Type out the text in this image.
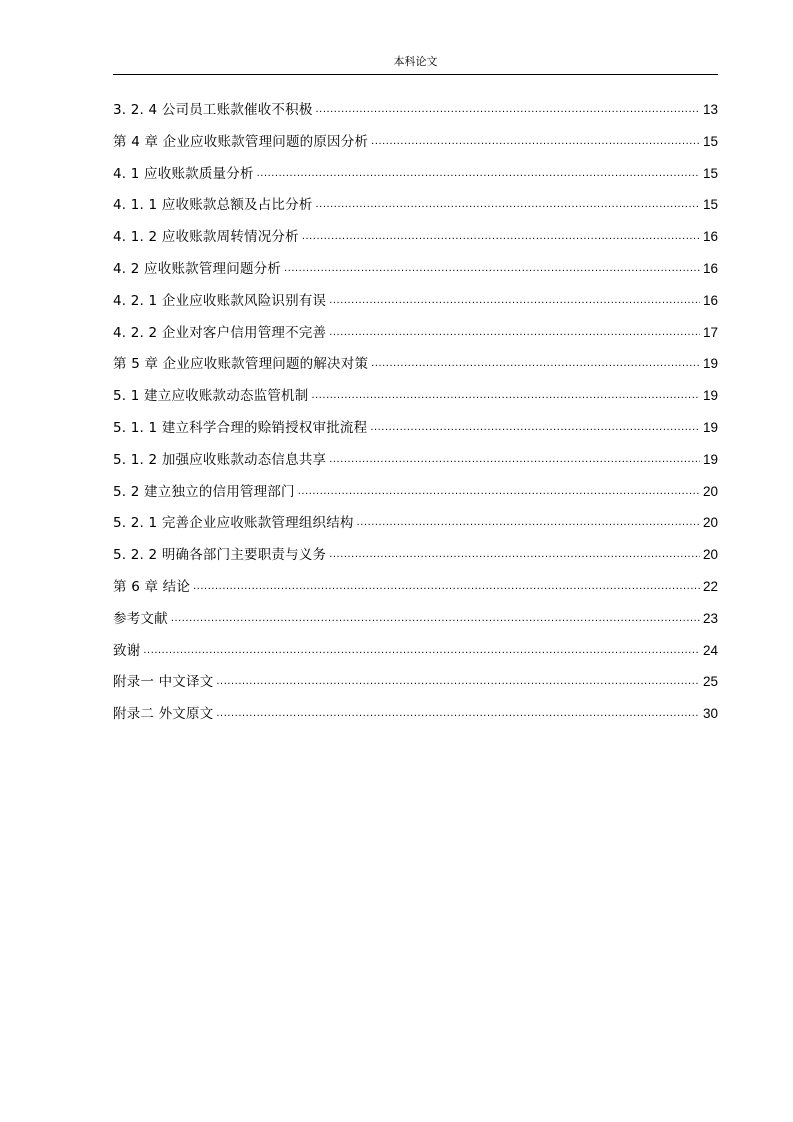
本科论文
3. 2. 4 公司员工账款催收不积极 .....	13
第 4 章 企业应收账款管理问题的原因分析 .....	15
4. 1 应收账款质量分析 .....	15
4. 1. 1 应收账款总额及占比分析 .....	15
4. 1. 2 应收账款周转情况分析 .....	16
4. 2 应收账款管理问题分析 .....	16
4. 2. 1 企业应收账款风险识别有误 .....	16
4. 2. 2 企业对客户信用管理不完善 .....	17
第 5 章 企业应收账款管理问题的解决对策 .....	19
5. 1 建立应收账款动态监管机制 .....	19
5. 1. 1 建立科学合理的赊销授权审批流程 .....	19
5. 1. 2 加强应收账款动态信息共享 .....	19
5. 2 建立独立的信用管理部门 .....	20
5. 2. 1 完善企业应收账款管理组织结构 .....	20
5. 2. 2 明确各部门主要职责与义务 .....	20
第 6 章 结论 .....	22
参考文献 .....	23
致谢 .....	24
附录一 中文译文 .....	25
附录二 外文原文 .....	30
